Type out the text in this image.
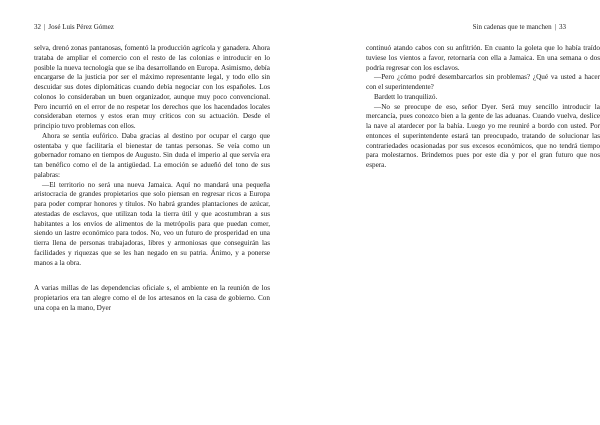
32 | José Luis Pérez Gómez

selva, drenó zonas pantanosas, fomentó la producción agrícola y ganadera. Ahora trataba de ampliar el comercio con el resto de las colonias e introducir en lo posible la nueva tecnología que se iba desarrollando en Europa. Asimismo, debía encargarse de la justicia por ser el máximo representante legal, y todo ello sin descuidar sus dotes diplomáticas cuando debía negociar con los españoles. Los colonos lo consideraban un buen organizador, aunque muy poco convencional. Pero incurrió en el error de no respetar los derechos que los hacendados locales consideraban eternos y estos eran muy críticos con su actuación. Desde el principio tuvo problemas con ellos.

Ahora se sentía eufórico. Daba gracias al destino por ocupar el cargo que ostentaba y que facilitaría el bienestar de tantas personas. Se veía como un gobernador romano en tiempos de Augusto. Sin duda el imperio al que servía era tan benéfico como el de la antigüedad. La emoción se adueñó del tono de sus palabras:

—El territorio no será una nueva Jamaica. Aquí no mandará una pequeña aristocracia de grandes propietarios que solo piensan en regresar ricos a Europa para poder comprar honores y títulos. No habrá grandes plantaciones de azúcar, atestadas de esclavos, que utilizan toda la tierra útil y que acostumbran a sus habitantes a los envíos de alimentos de la metrópolis para que puedan comer, siendo un lastre económico para todos. No, veo un futuro de prosperidad en una tierra llena de personas trabajadoras, libres y armoniosas que conseguirán las facilidades y riquezas que se les han negado en su patria. Ánimo, y a ponerse manos a la obra.

A varias millas de las dependencias oficiale s, el ambiente en la reunión de los propietarios era tan alegre como el de los artesanos en la casa de gobierno. Con una copa en la mano, Dyer

Sin cadenas que te manchen | 33

continuó atando cabos con su anfitrión. En cuanto la goleta que lo había traído tuviese los vientos a favor, retornaría con ella a Jamaica. En una semana o dos podría regresar con los esclavos.

—Pero ¿cómo podré desembarcarlos sin problemas? ¿Qué va usted a hacer con el superintendente?

Bardett lo tranquilizó.

—No se preocupe de eso, señor Dyer. Será muy sencillo introducir la mercancía, pues conozco bien a la gente de las aduanas. Cuando vuelva, deslice la nave al atardecer por la bahía. Luego yo me reuniré a bordo con usted. Por entonces el superintendente estará tan preocupado, tratando de solucionar las contrariedades ocasionadas por sus excesos económicos, que no tendrá tiempo para molestarnos. Brindemos pues por este día y por el gran futuro que nos espera.
